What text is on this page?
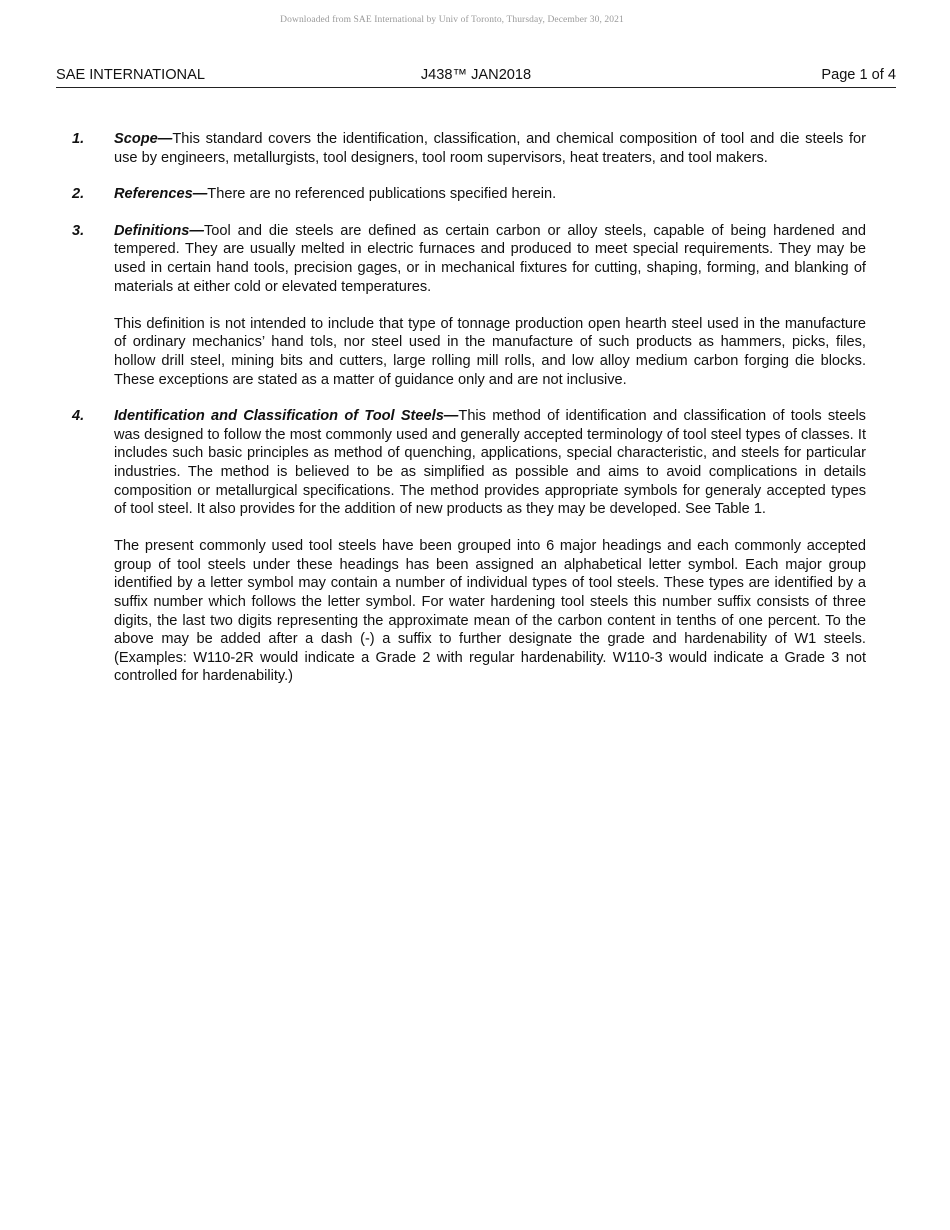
Downloaded from SAE International by Univ of Toronto, Thursday, December 30, 2021
SAE INTERNATIONAL	J438™ JAN2018	Page 1 of 4
1. Scope—This standard covers the identification, classification, and chemical composition of tool and die steels for use by engineers, metallurgists, tool designers, tool room supervisors, heat treaters, and tool makers.

2. References—There are no referenced publications specified herein.

3. Definitions—Tool and die steels are defined as certain carbon or alloy steels, capable of being hardened and tempered. They are usually melted in electric furnaces and produced to meet special requirements. They may be used in certain hand tools, precision gages, or in mechanical fixtures for cutting, shaping, forming, and blanking of materials at either cold or elevated temperatures.

This definition is not intended to include that type of tonnage production open hearth steel used in the manufacture of ordinary mechanics’ hand tols, nor steel used in the manufacture of such products as hammers, picks, files, hollow drill steel, mining bits and cutters, large rolling mill rolls, and low alloy medium carbon forging die blocks. These exceptions are stated as a matter of guidance only and are not inclusive.

4. Identification and Classification of Tool Steels—This method of identification and classification of tools steels was designed to follow the most commonly used and generally accepted terminology of tool steel types of classes. It includes such basic principles as method of quenching, applications, special characteristic, and steels for particular industries. The method is believed to be as simplified as possible and aims to avoid complications in details composition or metallurgical specifications. The method provides appropriate symbols for generaly accepted types of tool steel. It also provides for the addition of new products as they may be developed. See Table 1.

The present commonly used tool steels have been grouped into 6 major headings and each commonly accepted group of tool steels under these headings has been assigned an alphabetical letter symbol. Each major group identified by a letter symbol may contain a number of individual types of tool steels. These types are identified by a suffix number which follows the letter symbol. For water hardening tool steels this number suffix consists of three digits, the last two digits representing the approximate mean of the carbon content in tenths of one percent. To the above may be added after a dash (-) a suffix to further designate the grade and hardenability of W1 steels. (Examples: W110-2R would indicate a Grade 2 with regular hardenability. W110-3 would indicate a Grade 3 not controlled for hardenability.)
